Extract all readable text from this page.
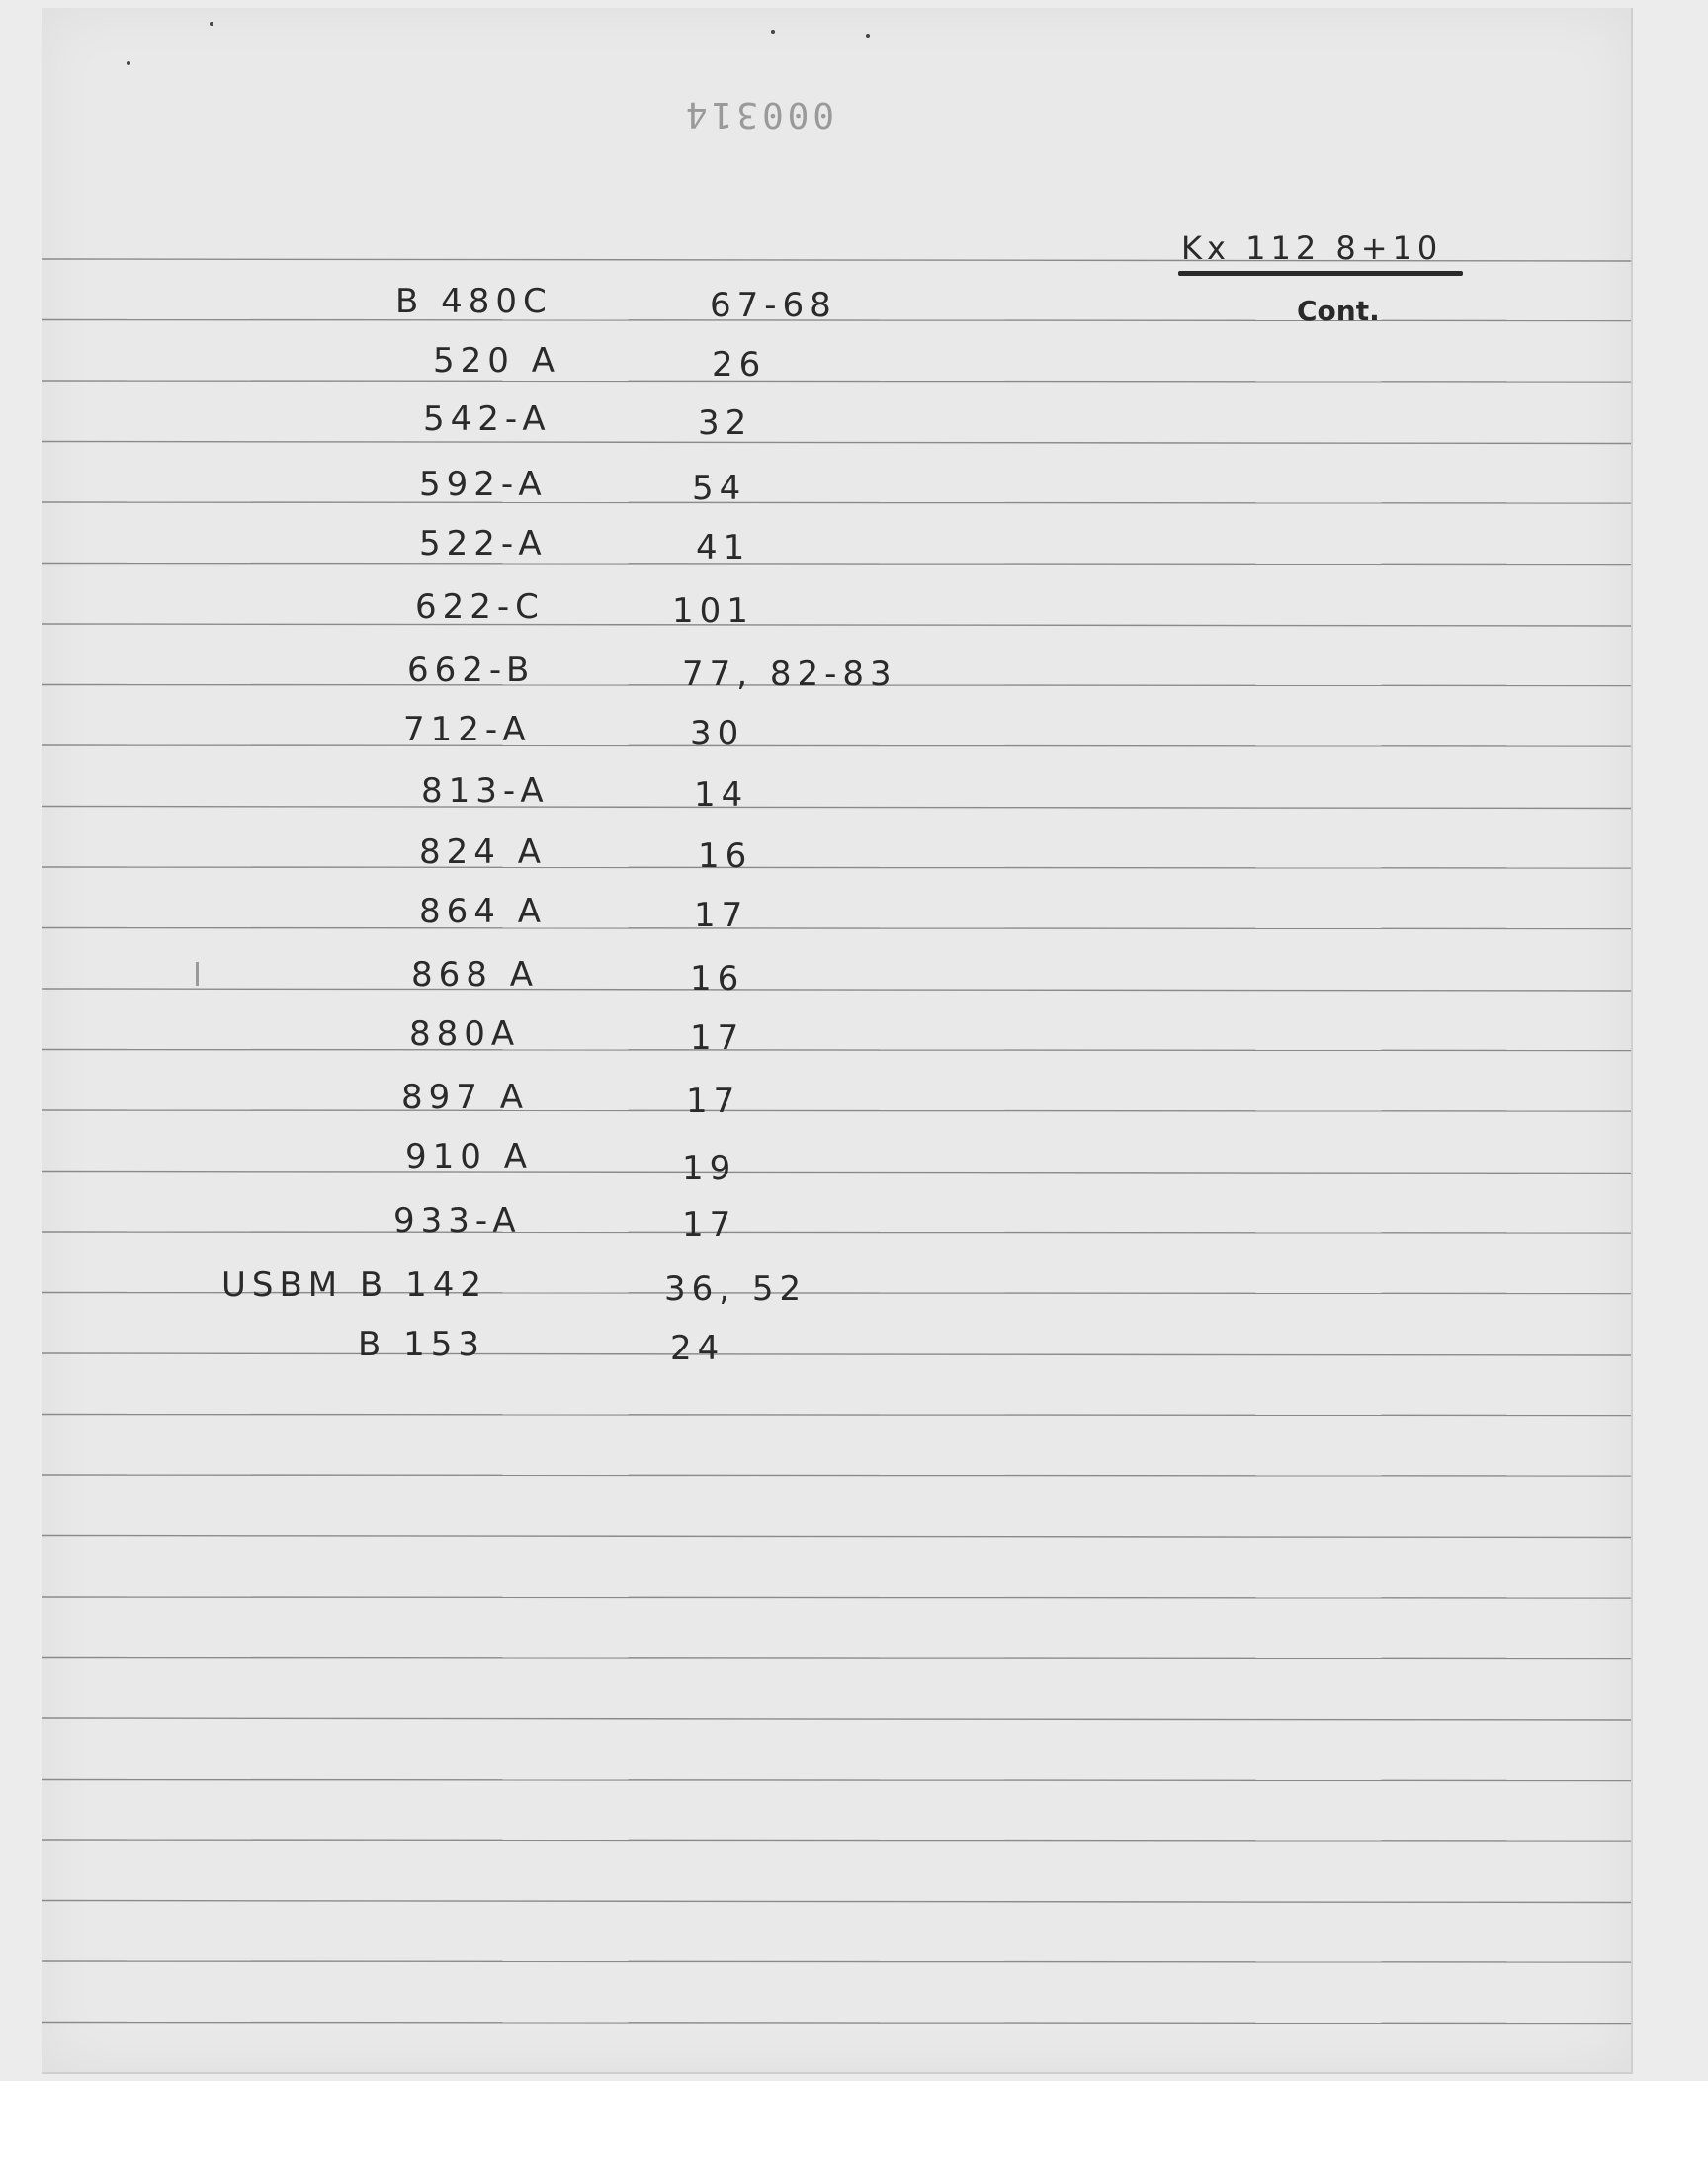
000314
Kx 112 8+10
Cont.
B 480C	67-68
520 A	26
542-A	32
592-A	54
522-A	41
622-C	101
662-B	77, 82-83
712-A	30
813-A	14
824 A	16
864 A	17
868 A	16
880A	17
897 A	17
910 A	19
933-A	17
USBM B 142	36, 52
B 153	24
